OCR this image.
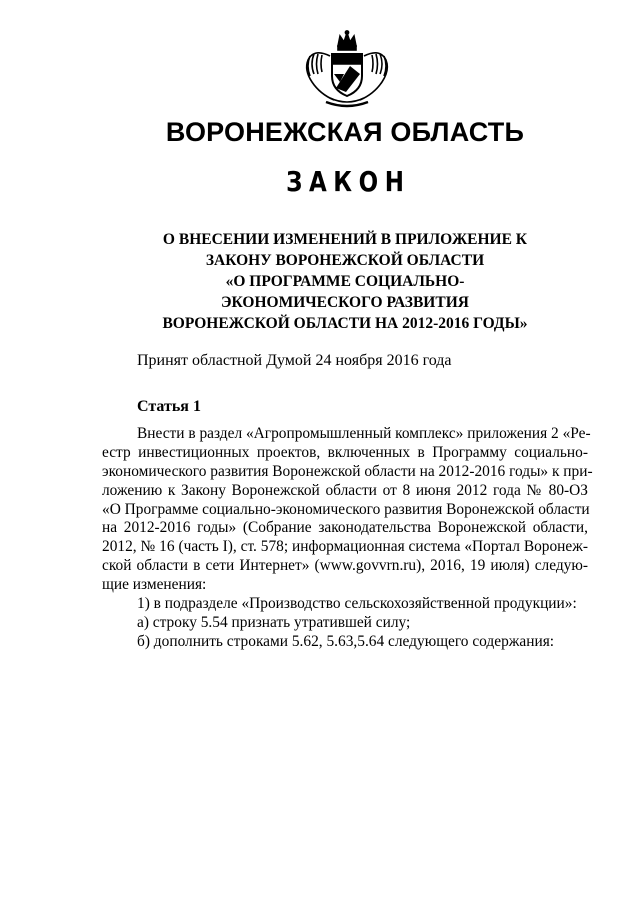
ВОРОНЕЖСКАЯ ОБЛАСТЬ
ЗАКОН
О ВНЕСЕНИИ ИЗМЕНЕНИЙ В ПРИЛОЖЕНИЕ К
ЗАКОНУ ВОРОНЕЖСКОЙ ОБЛАСТИ
«О ПРОГРАММЕ СОЦИАЛЬНО-
ЭКОНОМИЧЕСКОГО РАЗВИТИЯ
ВОРОНЕЖСКОЙ ОБЛАСТИ НА 2012-2016 ГОДЫ»
Принят областной Думой 24 ноября 2016 года
Статья 1
Внести в раздел «Агропромышленный комплекс» приложения 2 «Ре-
естр инвестиционных проектов, включенных в Программу социально-
экономического развития Воронежской области на 2012-2016 годы» к при-
ложению к Закону Воронежской области от 8 июня 2012 года № 80-ОЗ
«О Программе социально-экономического развития Воронежской области
на 2012-2016 годы» (Собрание законодательства Воронежской области,
2012, № 16 (часть I), ст. 578; информационная система «Портал Воронеж-
ской области в сети Интернет» (www.govvrn.ru), 2016, 19 июля) следую-
щие изменения:
1) в подразделе «Производство сельскохозяйственной продукции»:
а) строку 5.54 признать утратившей силу;
б) дополнить строками 5.62, 5.63,5.64 следующего содержания:
